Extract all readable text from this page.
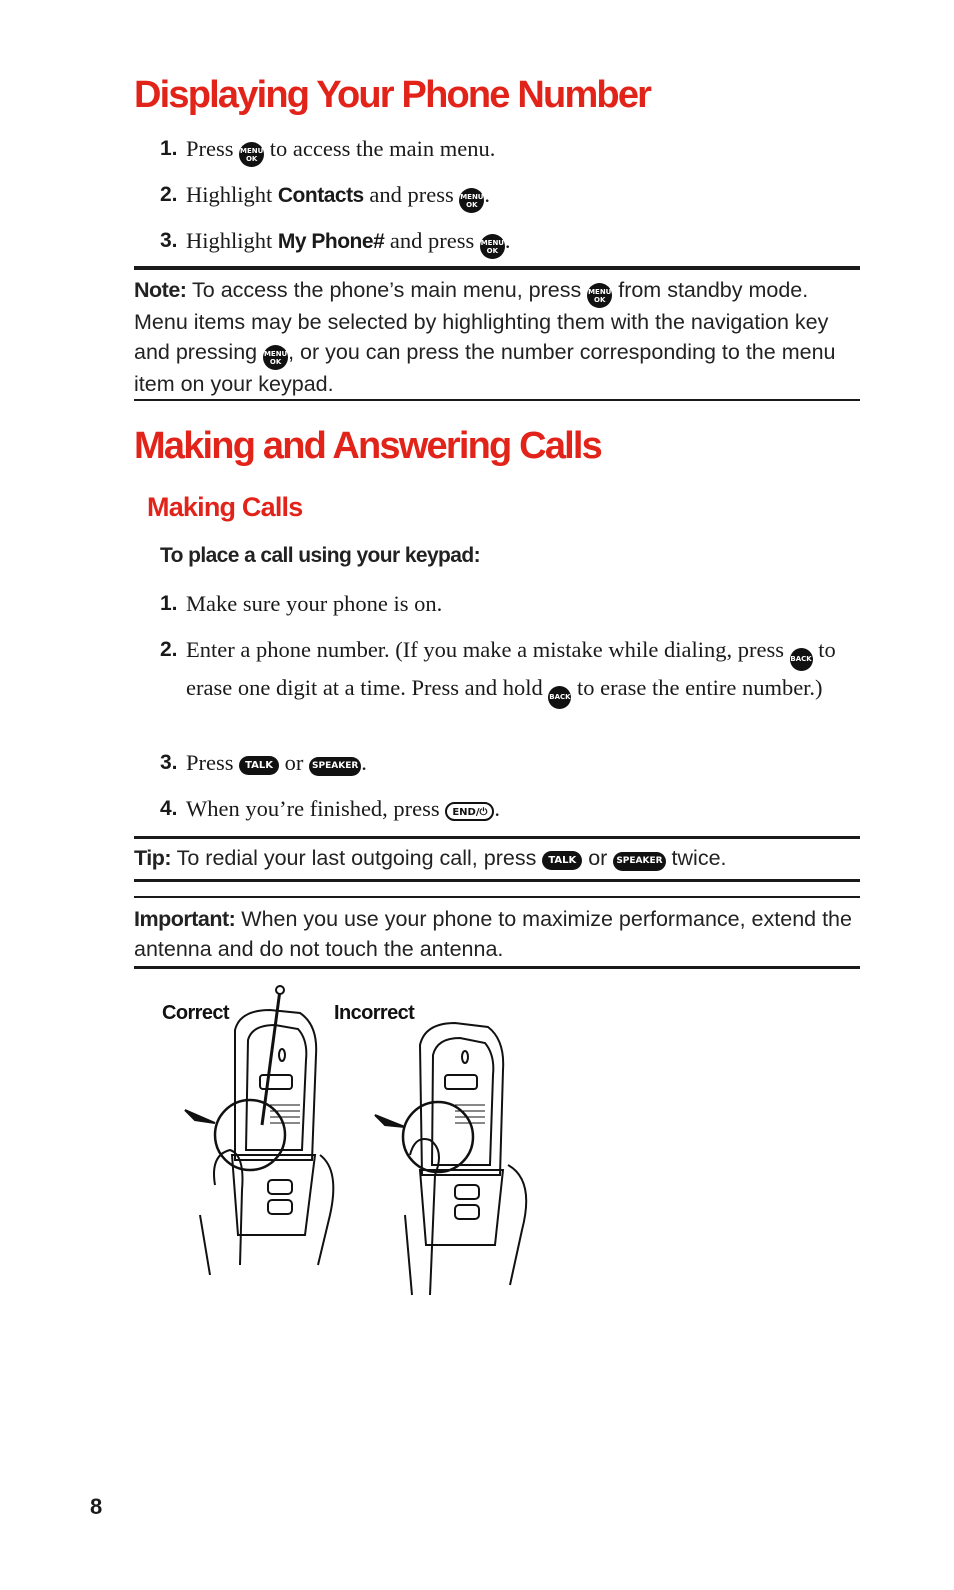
Displaying Your Phone Number
1. Press MENU
OK to access the main menu.
2. Highlight Contacts and press MENU
OK .
3. Highlight My Phone# and press MENU
OK .
Note: To access the phone’s main menu, press MENU
OK from standby mode. Menu items may be selected by highlighting them with the navigation key and pressing MENU
OK , or you can press the number corresponding to the menu item on your keypad.
Making and Answering Calls
Making Calls
To place a call using your keypad:
1. Make sure your phone is on.
2. Enter a phone number. (If you make a mistake while dialing, press BACK to erase one digit at a time. Press and hold BACK to erase the entire number.)
3. Press TALK or SPEAKER .
4. When you’re finished, press END/⏻ .
Tip: To redial your last outgoing call, press TALK or SPEAKER twice.
Important: When you use your phone to maximize performance, extend the antenna and do not touch the antenna.
Correct	Incorrect
8
